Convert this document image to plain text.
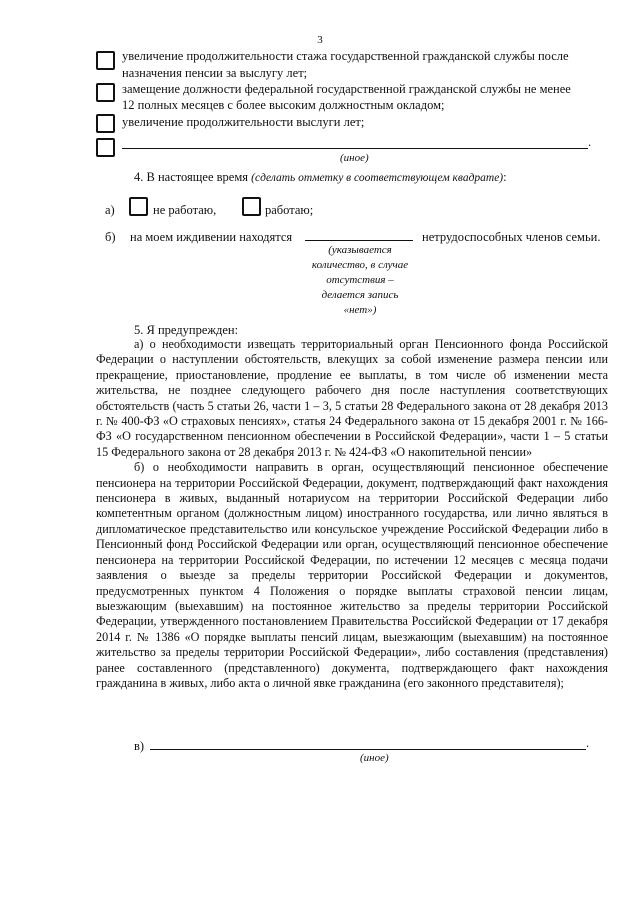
3
увеличение продолжительности стажа государственной гражданской службы после
назначения пенсии за выслугу лет;
замещение должности федеральной государственной гражданской службы не менее
12 полных месяцев с более высоким должностным окладом;
увеличение продолжительности выслуги лет;
.
(иное)
4. В настоящее время (сделать отметку в соответствующем квадрате):
а)	не работаю,	работаю;
б) на моем иждивении находятся	нетрудоспособных членов семьи.
(указывается
количество, в случае
отсутствия –
делается запись
«нет»)
5. Я предупрежден:

а) о необходимости извещать территориальный орган Пенсионного фонда Российской Федерации о наступлении обстоятельств, влекущих за собой изменение размера пенсии или прекращение, приостановление, продление ее выплаты, в том числе об изменении места жительства, не позднее следующего рабочего дня после наступления соответствующих обстоятельств (часть 5 статьи 26, части 1 – 3, 5 статьи 28 Федерального закона от 28 декабря 2013 г. № 400-ФЗ «О страховых пенсиях», статья 24 Федерального закона от 15 декабря 2001 г. № 166-ФЗ «О государственном пенсионном обеспечении в Российской Федерации», части 1 – 5 статьи 15 Федерального закона от 28 декабря 2013 г. № 424-ФЗ «О накопительной пенсии»

б) о необходимости направить в орган, осуществляющий пенсионное обеспечение пенсионера на территории Российской Федерации, документ, подтверждающий факт нахождения пенсионера в живых, выданный нотариусом на территории Российской Федерации либо компетентным органом (должностным лицом) иностранного государства, или лично являться в дипломатическое представительство или консульское учреждение Российской Федерации либо в Пенсионный фонд Российской Федерации или орган, осуществляющий пенсионное обеспечение пенсионера на территории Российской Федерации, по истечении 12 месяцев с месяца подачи заявления о выезде за пределы территории Российской Федерации и документов, предусмотренных пунктом 4 Положения о порядке выплаты страховой пенсии лицам, выезжающим (выехавшим) на постоянное жительство за пределы территории Российской Федерации, утвержденного постановлением Правительства Российской Федерации от 17 декабря 2014 г. № 1386 «О порядке выплаты пенсий лицам, выезжающим (выехавшим) на постоянное жительство за пределы территории Российской Федерации», либо составления (представления) ранее составленного (представленного) документа, подтверждающего факт нахождения гражданина в живых, либо акта о личной явке гражданина (его законного представителя);

в)	.
(иное)
